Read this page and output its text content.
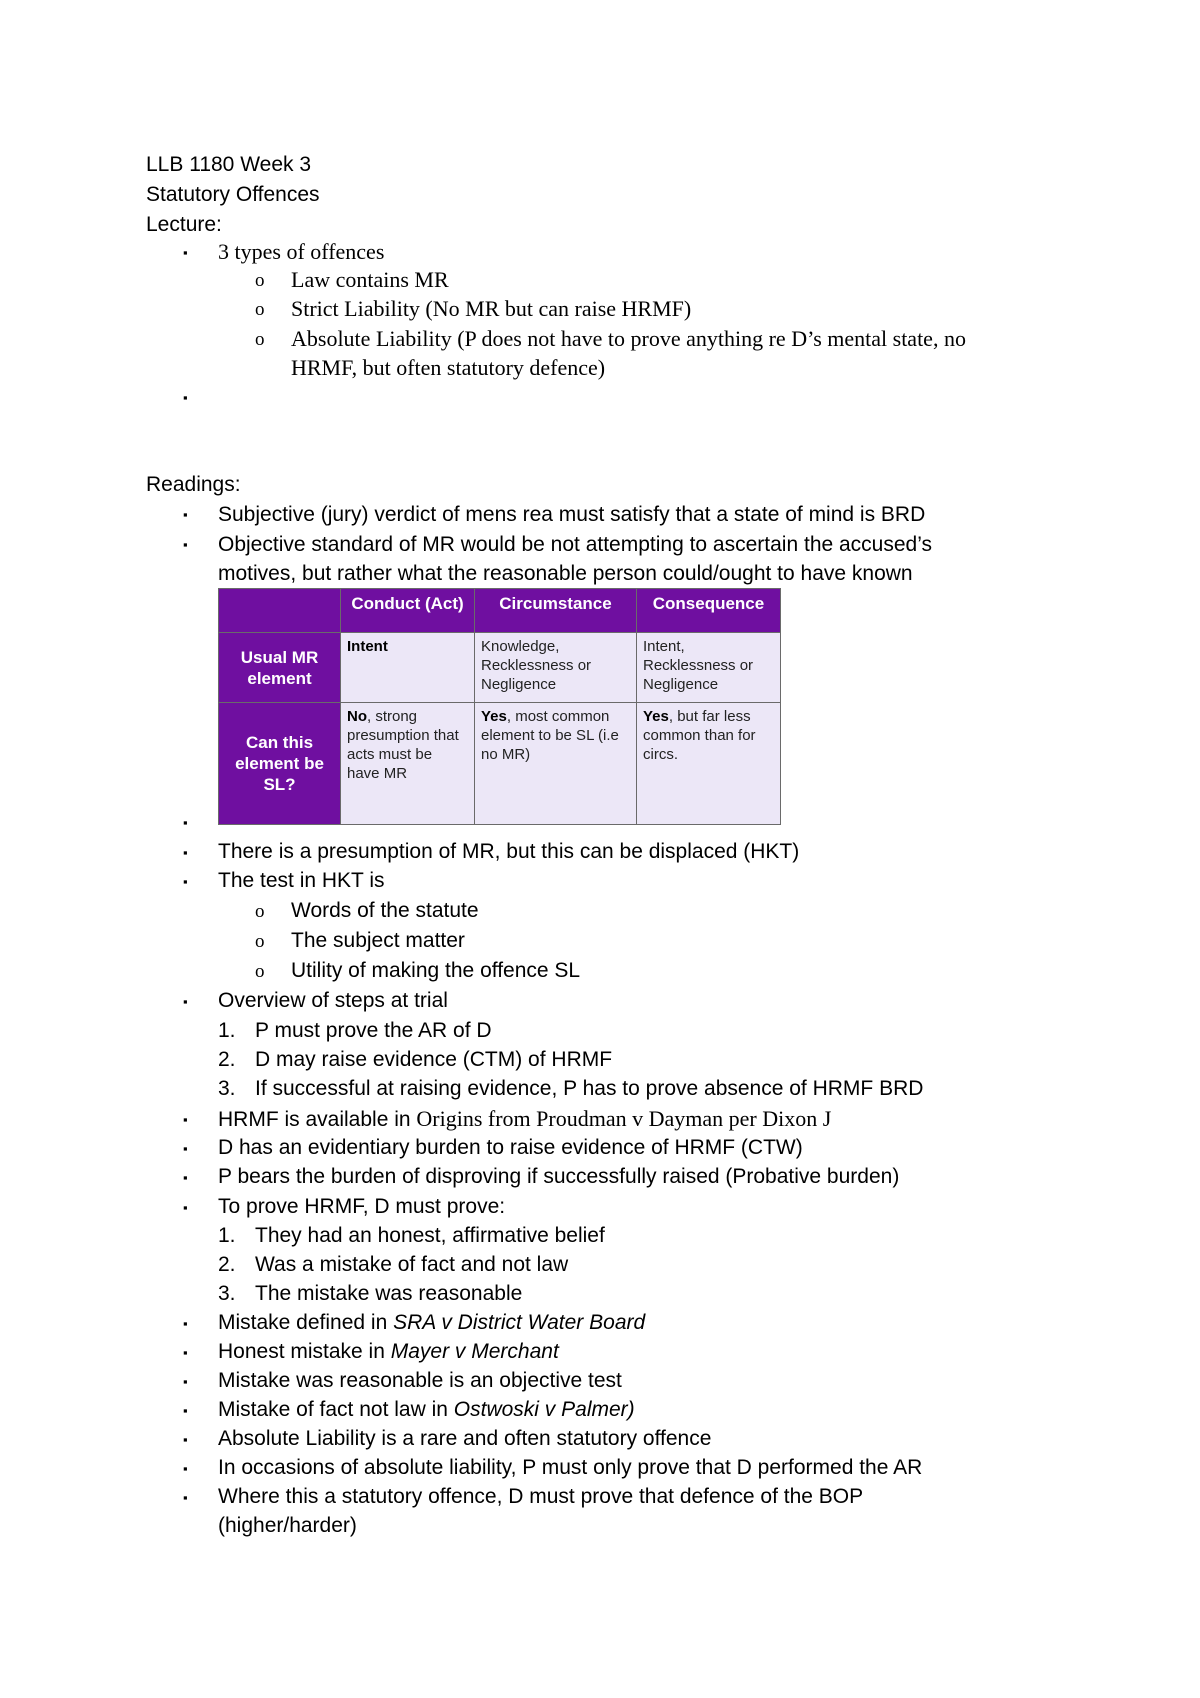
LLB 1180 Week 3
Statutory Offences
Lecture:
▪ 3 types of offences
o Law contains MR
o Strict Liability (No MR but can raise HRMF)
o Absolute Liability (P does not have to prove anything re D’s mental state, no
HRMF, but often statutory defence)
▪
Readings:
▪ Subjective (jury) verdict of mens rea must satisfy that a state of mind is BRD
▪ Objective standard of MR would be not attempting to ascertain the accused’s
motives, but rather what the reasonable person could/ought to have known
	Conduct (Act)	Circumstance	Consequence
Usual MR element	Intent	Knowledge, Recklessness or Negligence	Intent, Recklessness or Negligence
Can this element be SL?	No, strong presumption that acts must be have MR	Yes, most common element to be SL (i.e no MR)	Yes, but far less common than for circs.
▪
▪ There is a presumption of MR, but this can be displaced (HKT)
▪ The test in HKT is
o Words of the statute
o The subject matter
o Utility of making the offence SL
▪ Overview of steps at trial
1. P must prove the AR of D
2. D may raise evidence (CTM) of HRMF
3. If successful at raising evidence, P has to prove absence of HRMF BRD
▪ HRMF is available in Origins from Proudman v Dayman per Dixon J
▪ D has an evidentiary burden to raise evidence of HRMF (CTW)
▪ P bears the burden of disproving if successfully raised (Probative burden)
▪ To prove HRMF, D must prove:
1. They had an honest, affirmative belief
2. Was a mistake of fact and not law
3. The mistake was reasonable
▪ Mistake defined in SRA v District Water Board
▪ Honest mistake in Mayer v Merchant
▪ Mistake was reasonable is an objective test
▪ Mistake of fact not law in Ostwoski v Palmer)
▪ Absolute Liability is a rare and often statutory offence
▪ In occasions of absolute liability, P must only prove that D performed the AR
▪ Where this a statutory offence, D must prove that defence of the BOP
(higher/harder)
